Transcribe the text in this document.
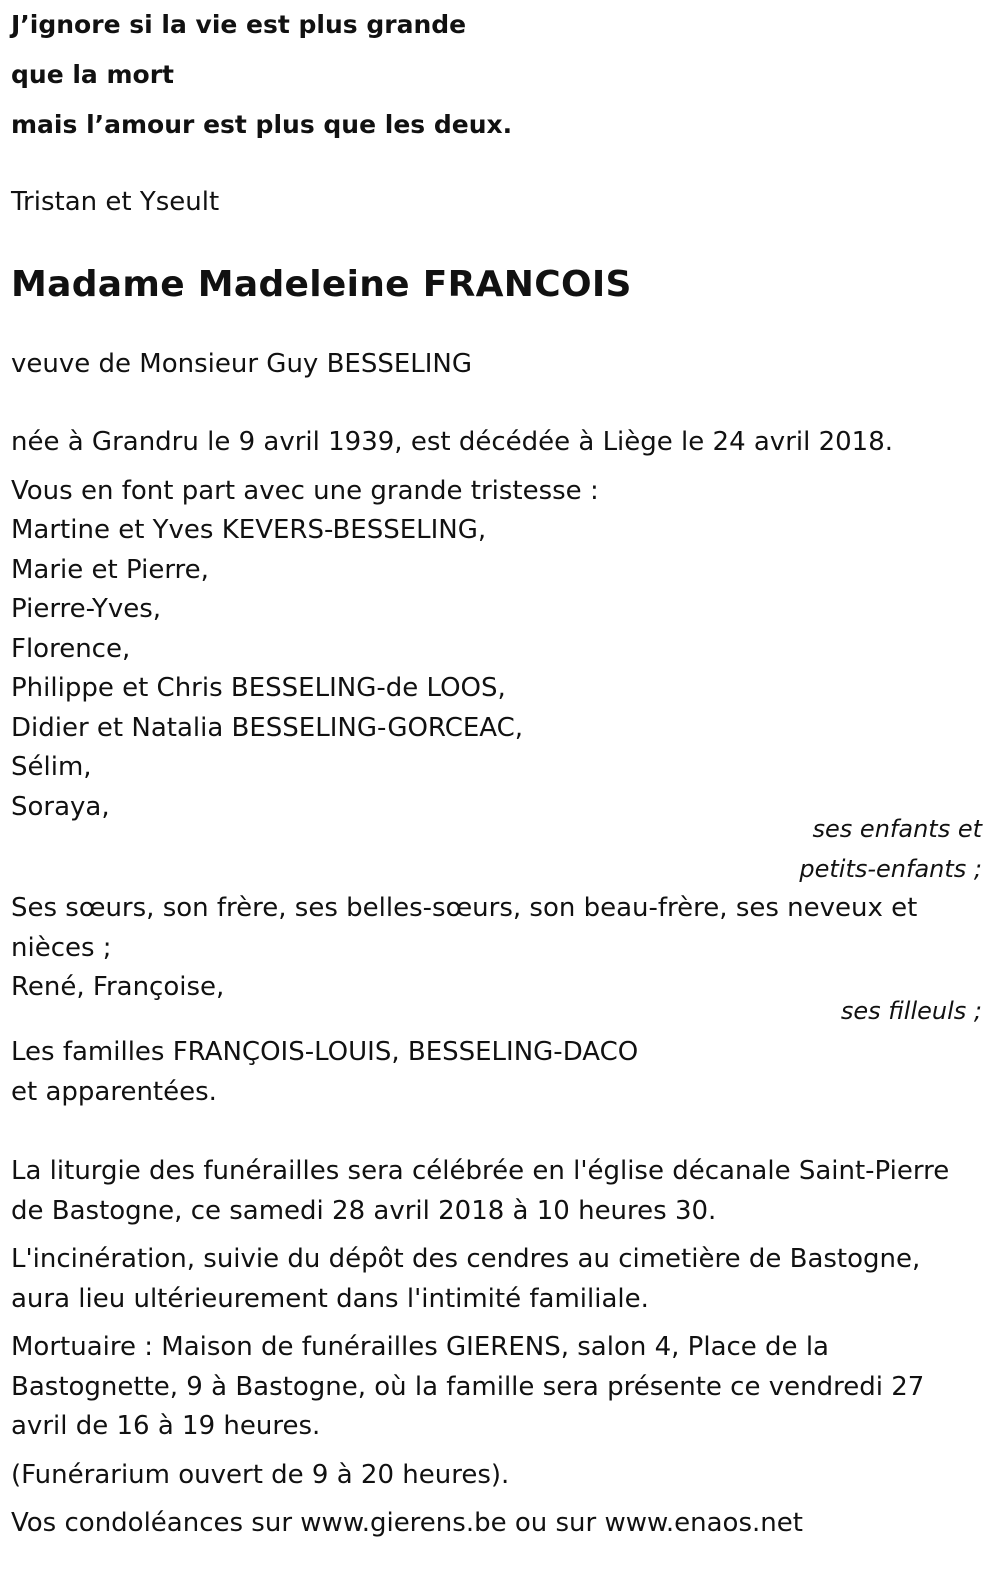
J’ignore si la vie est plus grande
que la mort
mais l’amour est plus que les deux.
Tristan et Yseult
Madame Madeleine FRANCOIS
veuve de Monsieur Guy BESSELING
née à Grandru le 9 avril 1939, est décédée à Liège le 24 avril 2018.
Vous en font part avec une grande tristesse :
Martine et Yves KEVERS-BESSELING,
Marie et Pierre,
Pierre-Yves,
Florence,
Philippe et Chris BESSELING-de LOOS,
Didier et Natalia BESSELING-GORCEAC,
Sélim,
Soraya,
ses enfants et
petits-enfants ;
Ses sœurs, son frère, ses belles-sœurs, son beau-frère, ses neveux et nièces ;
René, Françoise,
ses filleuls ;
Les familles FRANÇOIS-LOUIS, BESSELING-DACO
et apparentées.
La liturgie des funérailles sera célébrée en l'église décanale Saint-Pierre de Bastogne, ce samedi 28 avril 2018 à 10 heures 30.
L'incinération, suivie du dépôt des cendres au cimetière de Bastogne, aura lieu ultérieurement dans l'intimité familiale.
Mortuaire : Maison de funérailles GIERENS, salon 4, Place de la Bastognette, 9 à Bastogne, où la famille sera présente ce vendredi 27 avril de 16 à 19 heures.
(Funérarium ouvert de 9 à 20 heures).
Vos condoléances sur www.gierens.be ou sur www.enaos.net
